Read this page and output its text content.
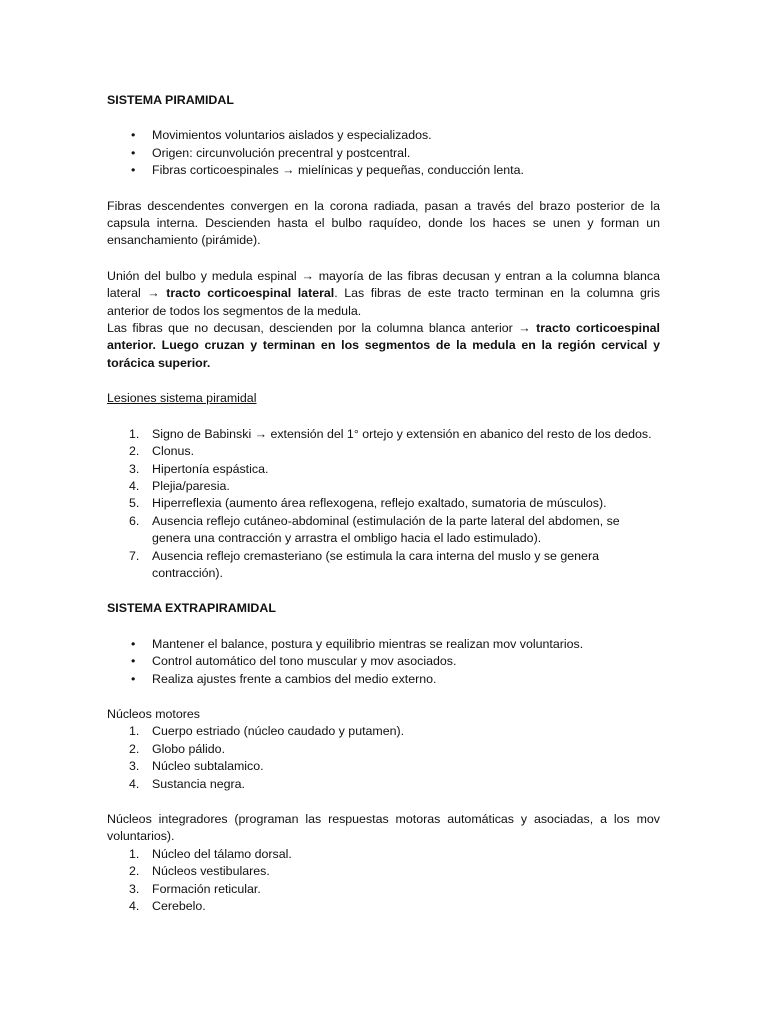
SISTEMA PIRAMIDAL
• Movimientos voluntarios aislados y especializados.
• Origen: circunvolución precentral y postcentral.
• Fibras corticoespinales → mielínicas y pequeñas, conducción lenta.

Fibras descendentes convergen en la corona radiada, pasan a través del brazo posterior de la capsula interna. Descienden hasta el bulbo raquídeo, donde los haces se unen y forman un ensanchamiento (pirámide).

Unión del bulbo y medula espinal → mayoría de las fibras decusan y entran a la columna blanca lateral → tracto corticoespinal lateral. Las fibras de este tracto terminan en la columna gris anterior de todos los segmentos de la medula.

Las fibras que no decusan, descienden por la columna blanca anterior → tracto corticoespinal anterior. Luego cruzan y terminan en los segmentos de la medula en la región cervical y torácica superior.

Lesiones sistema piramidal
1. Signo de Babinski → extensión del 1° ortejo y extensión en abanico del resto de los dedos.
2. Clonus.
3. Hipertonía espástica.
4. Plejia/paresia.
5. Hiperreflexia (aumento área reflexogena, reflejo exaltado, sumatoria de músculos).
6. Ausencia reflejo cutáneo-abdominal (estimulación de la parte lateral del abdomen, se genera una contracción y arrastra el ombligo hacia el lado estimulado).
7. Ausencia reflejo cremasteriano (se estimula la cara interna del muslo y se genera contracción).
SISTEMA EXTRAPIRAMIDAL
• Mantener el balance, postura y equilibrio mientras se realizan mov voluntarios.
• Control automático del tono muscular y mov asociados.
• Realiza ajustes frente a cambios del medio externo.
Núcleos motores
1. Cuerpo estriado (núcleo caudado y putamen).
2. Globo pálido.
3. Núcleo subtalamico.
4. Sustancia negra.

Núcleos integradores (programan las respuestas motoras automáticas y asociadas, a los mov voluntarios).

1. Núcleo del tálamo dorsal.
2. Núcleos vestibulares.
3. Formación reticular.
4. Cerebelo.
